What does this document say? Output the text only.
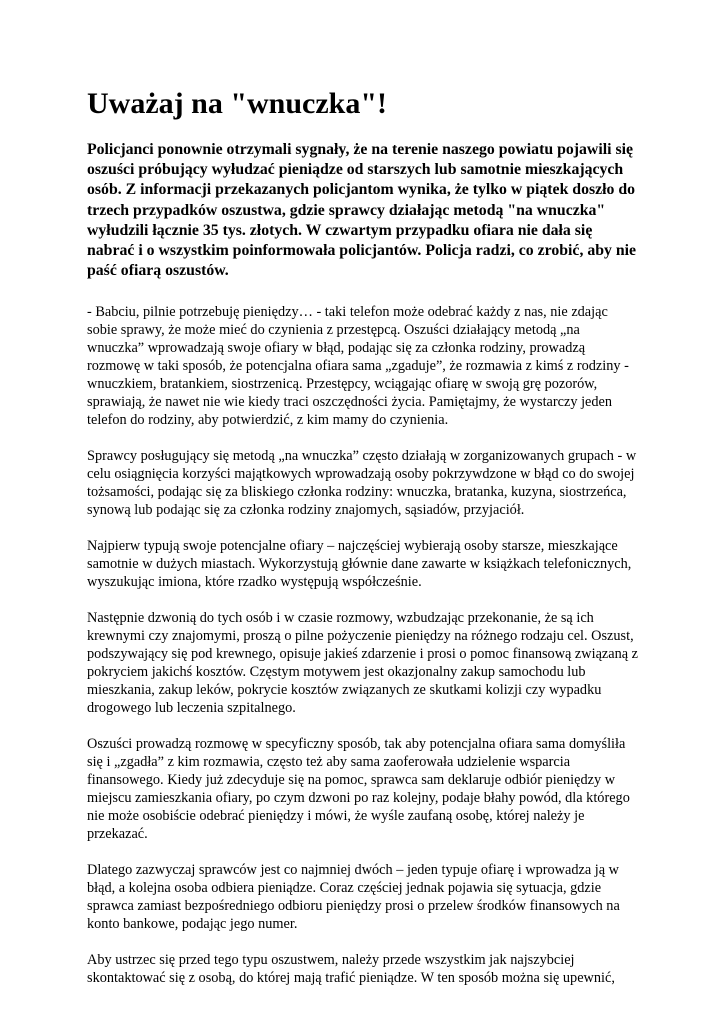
Uważaj na "wnuczka"!

Policjanci ponownie otrzymali sygnały, że na terenie naszego powiatu pojawili się oszuści próbujący wyłudzać pieniądze od starszych lub samotnie mieszkających osób. Z informacji przekazanych policjantom wynika, że tylko w piątek doszło do trzech przypadków oszustwa, gdzie sprawcy działając metodą "na wnuczka" wyłudzili łącznie 35 tys. złotych. W czwartym przypadku ofiara nie dała się nabrać i o wszystkim poinformowała policjantów. Policja radzi, co zrobić, aby nie paść ofiarą oszustów.

- Babciu, pilnie potrzebuję pieniędzy… - taki telefon może odebrać każdy z nas, nie zdając sobie sprawy, że może mieć do czynienia z przestępcą. Oszuści działający metodą „na wnuczka” wprowadzają swoje ofiary w błąd, podając się za członka rodziny, prowadzą rozmowę w taki sposób, że potencjalna ofiara sama „zgaduje”, że rozmawia z kimś z rodziny - wnuczkiem, bratankiem, siostrzenicą. Przestępcy, wciągając ofiarę w swoją grę pozorów, sprawiają, że nawet nie wie kiedy traci oszczędności życia. Pamiętajmy, że wystarczy jeden telefon do rodziny, aby potwierdzić, z kim mamy do czynienia.

Sprawcy posługujący się metodą „na wnuczka” często działają w zorganizowanych grupach - w celu osiągnięcia korzyści majątkowych wprowadzają osoby pokrzywdzone w błąd co do swojej tożsamości, podając się za bliskiego członka rodziny: wnuczka, bratanka, kuzyna, siostrzeńca, synową lub podając się za członka rodziny znajomych, sąsiadów, przyjaciół.

Najpierw typują swoje potencjalne ofiary – najczęściej wybierają osoby starsze, mieszkające samotnie w dużych miastach. Wykorzystują głównie dane zawarte w książkach telefonicznych, wyszukując imiona, które rzadko występują współcześnie.

Następnie dzwonią do tych osób i w czasie rozmowy, wzbudzając przekonanie, że są ich krewnymi czy znajomymi, proszą o pilne pożyczenie pieniędzy na różnego rodzaju cel. Oszust, podszywający się pod krewnego, opisuje jakieś zdarzenie i prosi o pomoc finansową związaną z pokryciem jakichś kosztów. Częstym motywem jest okazjonalny zakup samochodu lub mieszkania, zakup leków, pokrycie kosztów związanych ze skutkami kolizji czy wypadku drogowego lub leczenia szpitalnego.

Oszuści prowadzą rozmowę w specyficzny sposób, tak aby potencjalna ofiara sama domyśliła się i „zgadła” z kim rozmawia, często też aby sama zaoferowała udzielenie wsparcia finansowego. Kiedy już zdecyduje się na pomoc, sprawca sam deklaruje odbiór pieniędzy w miejscu zamieszkania ofiary, po czym dzwoni po raz kolejny, podaje błahy powód, dla którego nie może osobiście odebrać pieniędzy i mówi, że wyśle zaufaną osobę, której należy je przekazać.

Dlatego zazwyczaj sprawców jest co najmniej dwóch – jeden typuje ofiarę i wprowadza ją w błąd, a kolejna osoba odbiera pieniądze. Coraz częściej jednak pojawia się sytuacja, gdzie sprawca zamiast bezpośredniego odbioru pieniędzy prosi o przelew środków finansowych na konto bankowe, podając jego numer.

Aby ustrzec się przed tego typu oszustwem, należy przede wszystkim jak najszybciej skontaktować się z osobą, do której mają trafić pieniądze. W ten sposób można się upewnić,
